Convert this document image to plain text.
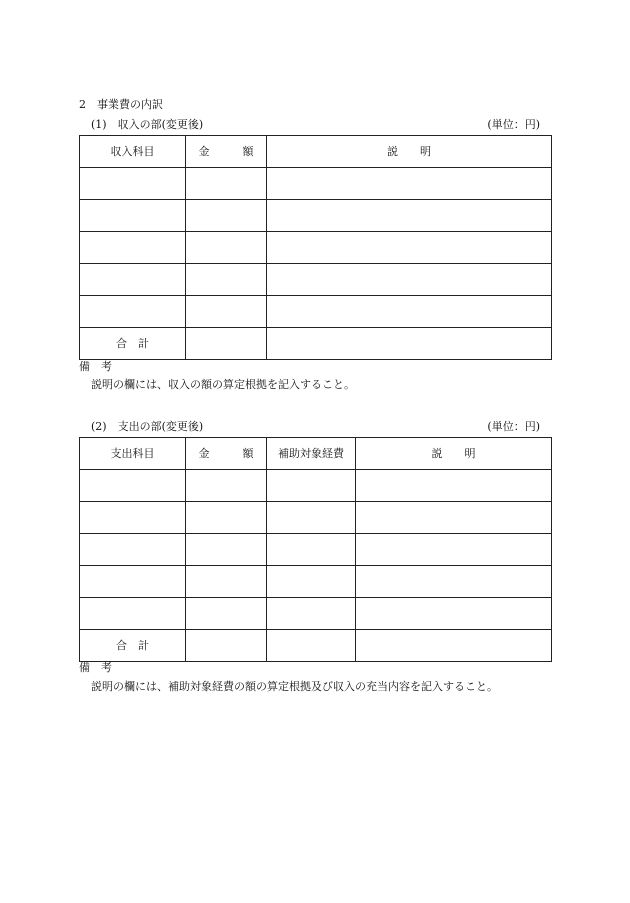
2　事業費の内訳
(1)　収入の部(変更後)	(単位：円)
収入科目	金　　　額	説　　明

合　計		
備　考
説明の欄には、収入の額の算定根拠を記入すること。
(2)　支出の部(変更後)	(単位：円)
支出科目	金　　　額	補助対象経費	説　　明

合　計			
備　考
説明の欄には、補助対象経費の額の算定根拠及び収入の充当内容を記入すること。
